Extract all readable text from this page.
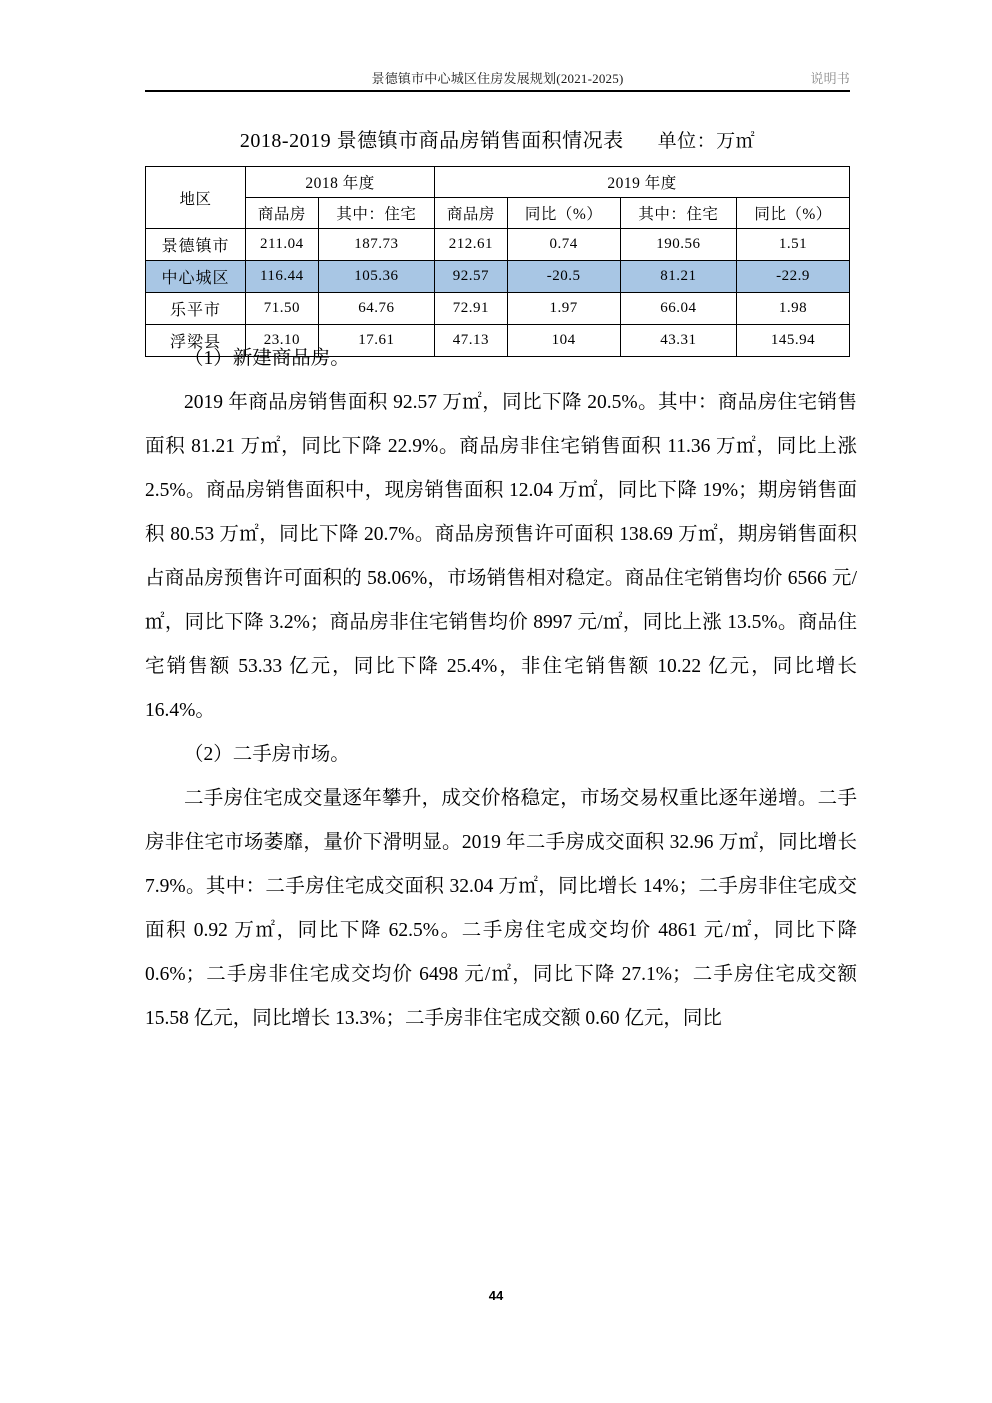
景德镇市中心城区住房发展规划(2021-2025)	说明书
2018-2019 景德镇市商品房销售面积情况表 单位：万㎡
地区	2018 年度		2019 年度			
	商品房	其中：住宅	商品房	同比（%）	其中：住宅	同比（%）
景德镇市	211.04	187.73	212.61	0.74	190.56	1.51
中心城区	116.44	105.36	92.57	-20.5	81.21	-22.9
乐平市	71.50	64.76	72.91	1.97	66.04	1.98
浮梁县	23.10	17.61	47.13	104	43.31	145.94

（1）新建商品房。

2019 年商品房销售面积 92.57 万㎡，同比下降 20.5%。其中：商品房住宅销售面积 81.21 万㎡，同比下降 22.9%。商品房非住宅销售面积 11.36 万㎡，同比上涨 2.5%。商品房销售面积中，现房销售面积 12.04 万㎡，同比下降 19%；期房销售面积 80.53 万㎡，同比下降 20.7%。商品房预售许可面积 138.69 万㎡，期房销售面积占商品房预售许可面积的 58.06%，市场销售相对稳定。商品住宅销售均价 6566 元/㎡，同比下降 3.2%；商品房非住宅销售均价 8997 元/㎡，同比上涨 13.5%。商品住宅销售额 53.33 亿元，同比下降 25.4%，非住宅销售额 10.22 亿元，同比增长 16.4%。

（2）二手房市场。

二手房住宅成交量逐年攀升，成交价格稳定，市场交易权重比逐年递增。二手房非住宅市场萎靡，量价下滑明显。2019 年二手房成交面积 32.96 万㎡，同比增长 7.9%。其中：二手房住宅成交面积 32.04 万㎡，同比增长 14%；二手房非住宅成交面积 0.92 万㎡，同比下降 62.5%。二手房住宅成交均价 4861 元/㎡，同比下降 0.6%；二手房非住宅成交均价 6498 元/㎡，同比下降 27.1%；二手房住宅成交额 15.58 亿元，同比增长 13.3%；二手房非住宅成交额 0.60 亿元，同比

44
